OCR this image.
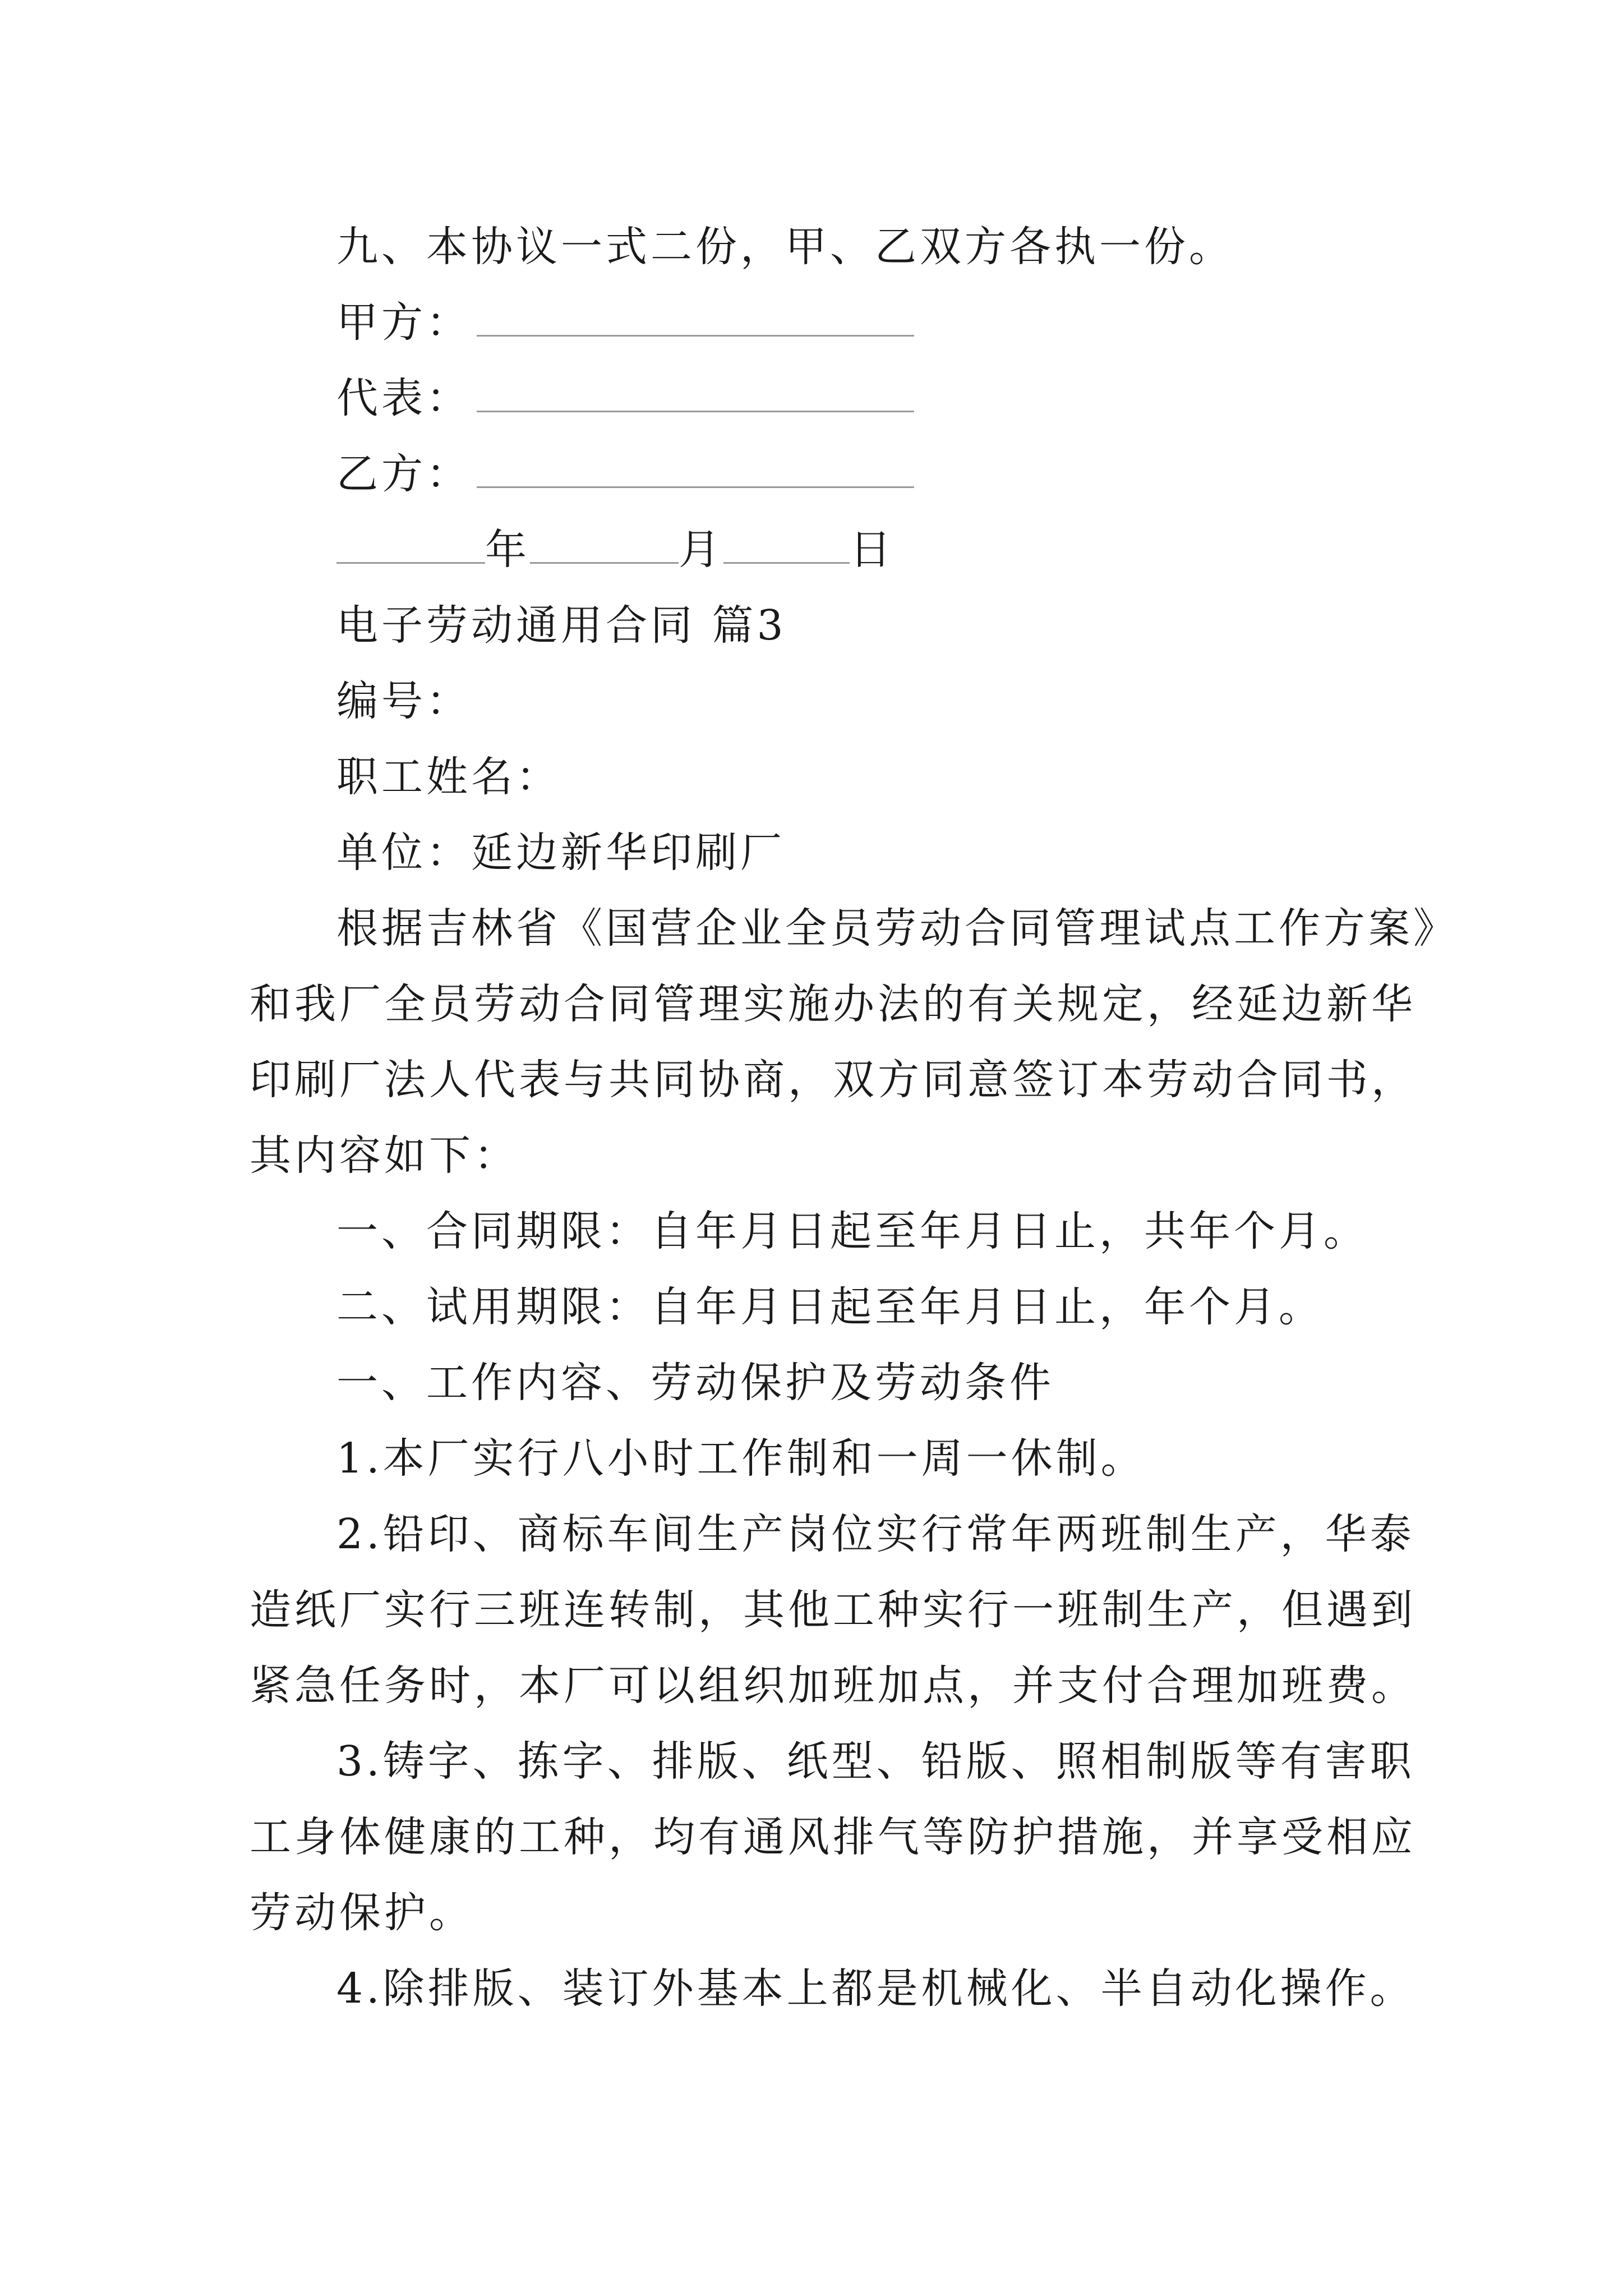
九、本协议一式二份，甲、乙双方各执一份。
甲方：
代表：
乙方：
年	月	日
电子劳动通用合同 篇3
编号：
职工姓名：
单位：延边新华印刷厂
根据吉林省《国营企业全员劳动合同管理试点工作方案》
和我厂全员劳动合同管理实施办法的有关规定，经延边新华
印刷厂法人代表与共同协商，双方同意签订本劳动合同书，
其内容如下：
一、合同期限：自年月日起至年月日止，共年个月。
二、试用期限：自年月日起至年月日止，年个月。
一、工作内容、劳动保护及劳动条件
1.本厂实行八小时工作制和一周一休制。
2.铅印、商标车间生产岗位实行常年两班制生产，华泰
造纸厂实行三班连转制，其他工种实行一班制生产，但遇到
紧急任务时，本厂可以组织加班加点，并支付合理加班费。
3.铸字、拣字、排版、纸型、铅版、照相制版等有害职
工身体健康的工种，均有通风排气等防护措施，并享受相应
劳动保护。
4.除排版、装订外基本上都是机械化、半自动化操作。
